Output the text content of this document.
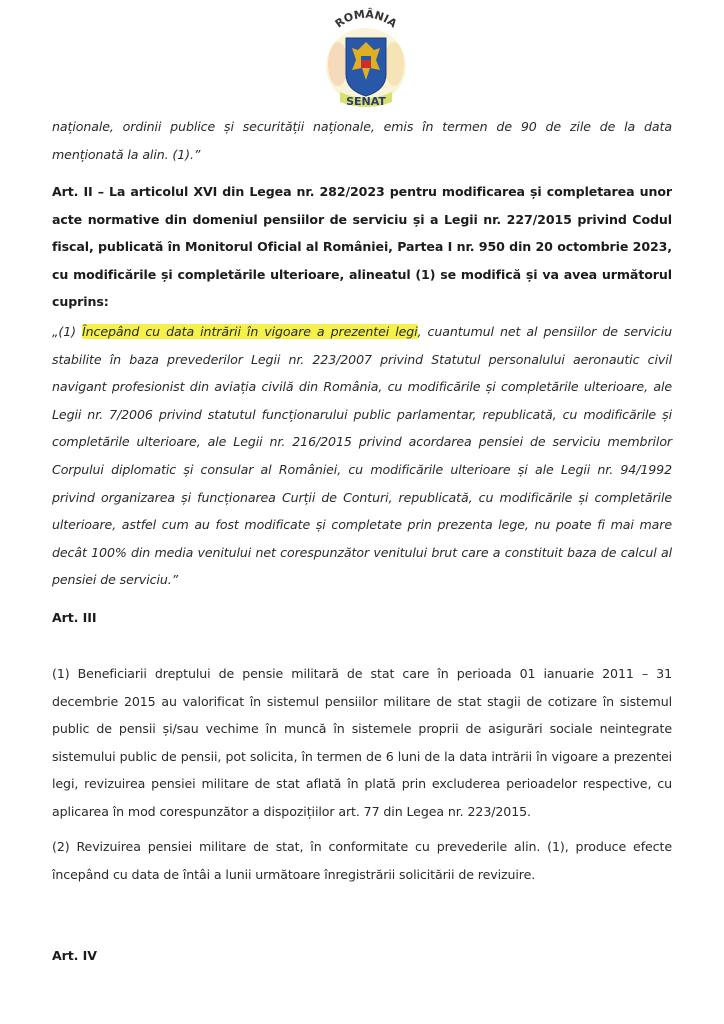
ROMÂNIA
SENAT

naționale, ordinii publice și securității naționale, emis în termen de 90 de zile de la data menționată la alin. (1).”

Art. II – La articolul XVI din Legea nr. 282/2023 pentru modificarea și completarea unor acte normative din domeniul pensiilor de serviciu și a Legii nr. 227/2015 privind Codul fiscal, publicată în Monitorul Oficial al României, Partea I nr. 950 din 20 octombrie 2023, cu modificările și completările ulterioare, alineatul (1) se modifică și va avea următorul cuprins:

„(1) Începând cu data intrării în vigoare a prezentei legi, cuantumul net al pensiilor de serviciu stabilite în baza prevederilor Legii nr. 223/2007 privind Statutul personalului aeronautic civil navigant profesionist din aviația civilă din România, cu modificările și completările ulterioare, ale Legii nr. 7/2006 privind statutul funcționarului public parlamentar, republicată, cu modificările și completările ulterioare, ale Legii nr. 216/2015 privind acordarea pensiei de serviciu membrilor Corpului diplomatic și consular al României, cu modificările ulterioare și ale Legii nr. 94/1992 privind organizarea și funcționarea Curții de Conturi, republicată, cu modificările și completările ulterioare, astfel cum au fost modificate și completate prin prezenta lege, nu poate fi mai mare decât 100% din media venitului net corespunzător venitului brut care a constituit baza de calcul al pensiei de serviciu.”

Art. III

(1) Beneficiarii dreptului de pensie militară de stat care în perioada 01 ianuarie 2011 – 31 decembrie 2015 au valorificat în sistemul pensiilor militare de stat stagii de cotizare în sistemul public de pensii și/sau vechime în muncă în sistemele proprii de asigurări sociale neintegrate sistemului public de pensii, pot solicita, în termen de 6 luni de la data intrării în vigoare a prezentei legi, revizuirea pensiei militare de stat aflată în plată prin excluderea perioadelor respective, cu aplicarea în mod corespunzător a dispozițiilor art. 77 din Legea nr. 223/2015.

(2) Revizuirea pensiei militare de stat, în conformitate cu prevederile alin. (1), produce efecte începând cu data de întâi a lunii următoare înregistrării solicitării de revizuire.

Art. IV
